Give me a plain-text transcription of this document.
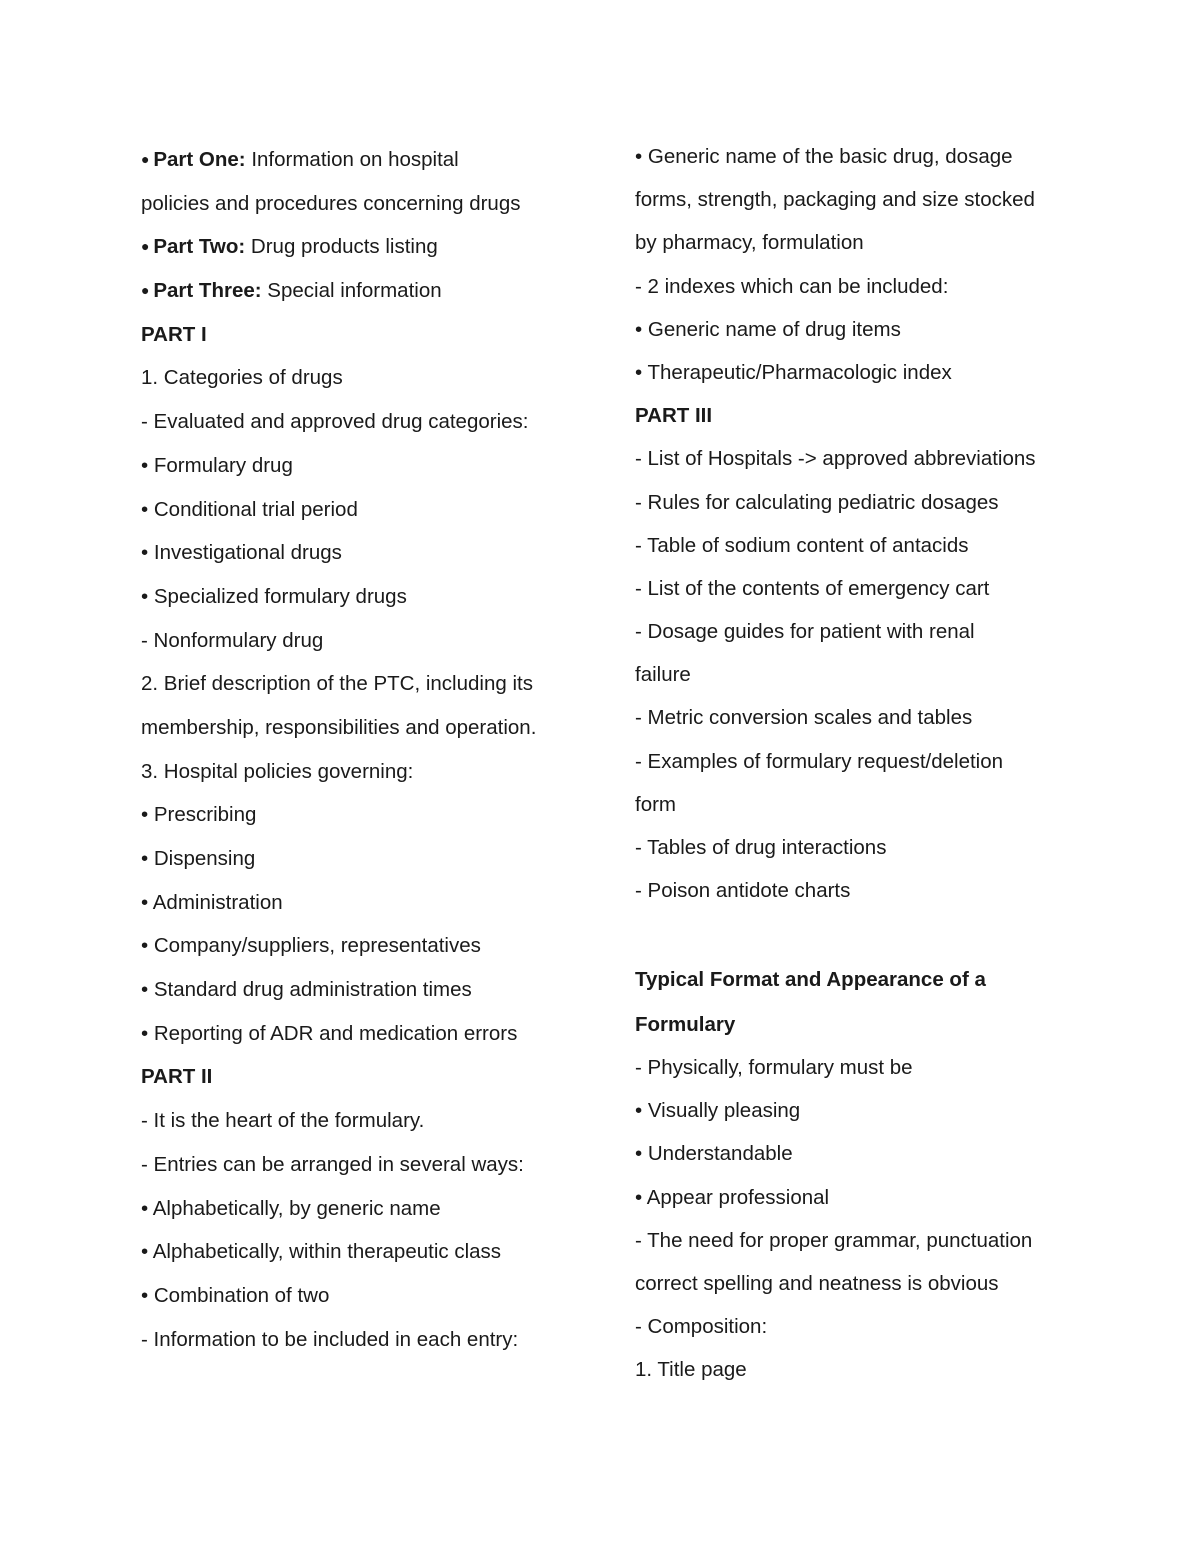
● Part One: Information on hospital
policies and procedures concerning drugs
● Part Two: Drug products listing
● Part Three: Special information
PART I
1. Categories of drugs
- Evaluated and approved drug categories:
• Formulary drug
• Conditional trial period
• Investigational drugs
• Specialized formulary drugs
- Nonformulary drug
2. Brief description of the PTC, including its
membership, responsibilities and operation.
3. Hospital policies governing:
• Prescribing
• Dispensing
• Administration
• Company/suppliers, representatives
• Standard drug administration times
• Reporting of ADR and medication errors
PART II
- It is the heart of the formulary.
- Entries can be arranged in several ways:
• Alphabetically, by generic name
• Alphabetically, within therapeutic class
• Combination of two
- Information to be included in each entry:
• Generic name of the basic drug, dosage
forms, strength, packaging and size stocked
by pharmacy, formulation
- 2 indexes which can be included:
• Generic name of drug items
• Therapeutic/Pharmacologic index
PART III
- List of Hospitals -> approved abbreviations
- Rules for calculating pediatric dosages
- Table of sodium content of antacids
- List of the contents of emergency cart
- Dosage guides for patient with renal
failure
- Metric conversion scales and tables
- Examples of formulary request/deletion
form
- Tables of drug interactions
- Poison antidote charts
Typical Format and Appearance of a
Formulary
- Physically, formulary must be
• Visually pleasing
• Understandable
• Appear professional
- The need for proper grammar, punctuation
correct spelling and neatness is obvious
- Composition:
1. Title page
